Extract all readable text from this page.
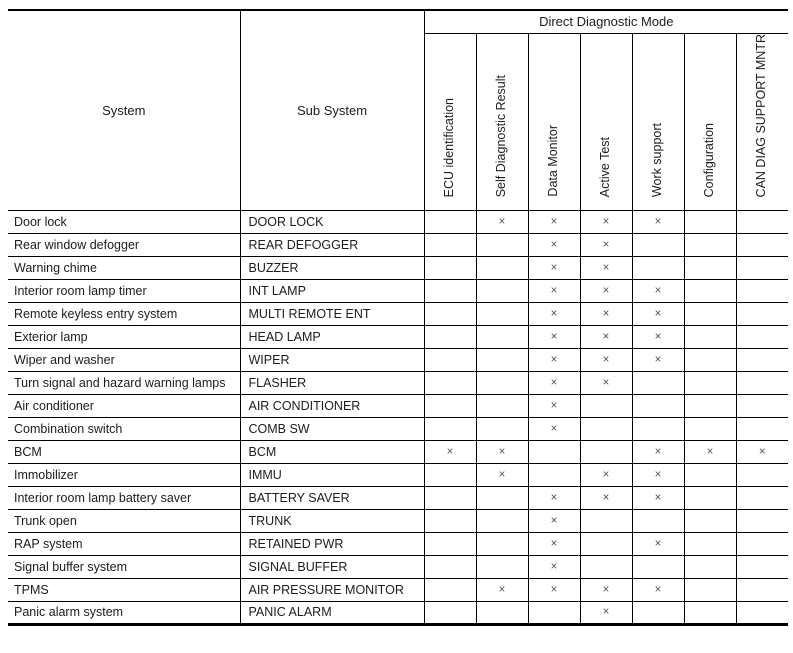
System	Sub System	Direct Diagnostic Mode						
		ECU identification	Self Diagnostic Result	Data Monitor	Active Test	Work support	Configuration	CAN DIAG SUPPORT MNTR
Door lock	DOOR LOCK		×	×	×	×		
Rear window defogger	REAR DEFOGGER			×	×			
Warning chime	BUZZER			×	×			
Interior room lamp timer	INT LAMP			×	×	×		
Remote keyless entry system	MULTI REMOTE ENT			×	×	×		
Exterior lamp	HEAD LAMP			×	×	×		
Wiper and washer	WIPER			×	×	×		
Turn signal and hazard warning lamps	FLASHER			×	×			
Air conditioner	AIR CONDITIONER			×				
Combination switch	COMB SW			×				
BCM	BCM	×	×			×	×	×
Immobilizer	IMMU		×		×	×		
Interior room lamp battery saver	BATTERY SAVER			×	×	×		
Trunk open	TRUNK			×				
RAP system	RETAINED PWR			×		×		
Signal buffer system	SIGNAL BUFFER			×				
TPMS	AIR PRESSURE MONITOR		×	×	×	×		
Panic alarm system	PANIC ALARM				×			
